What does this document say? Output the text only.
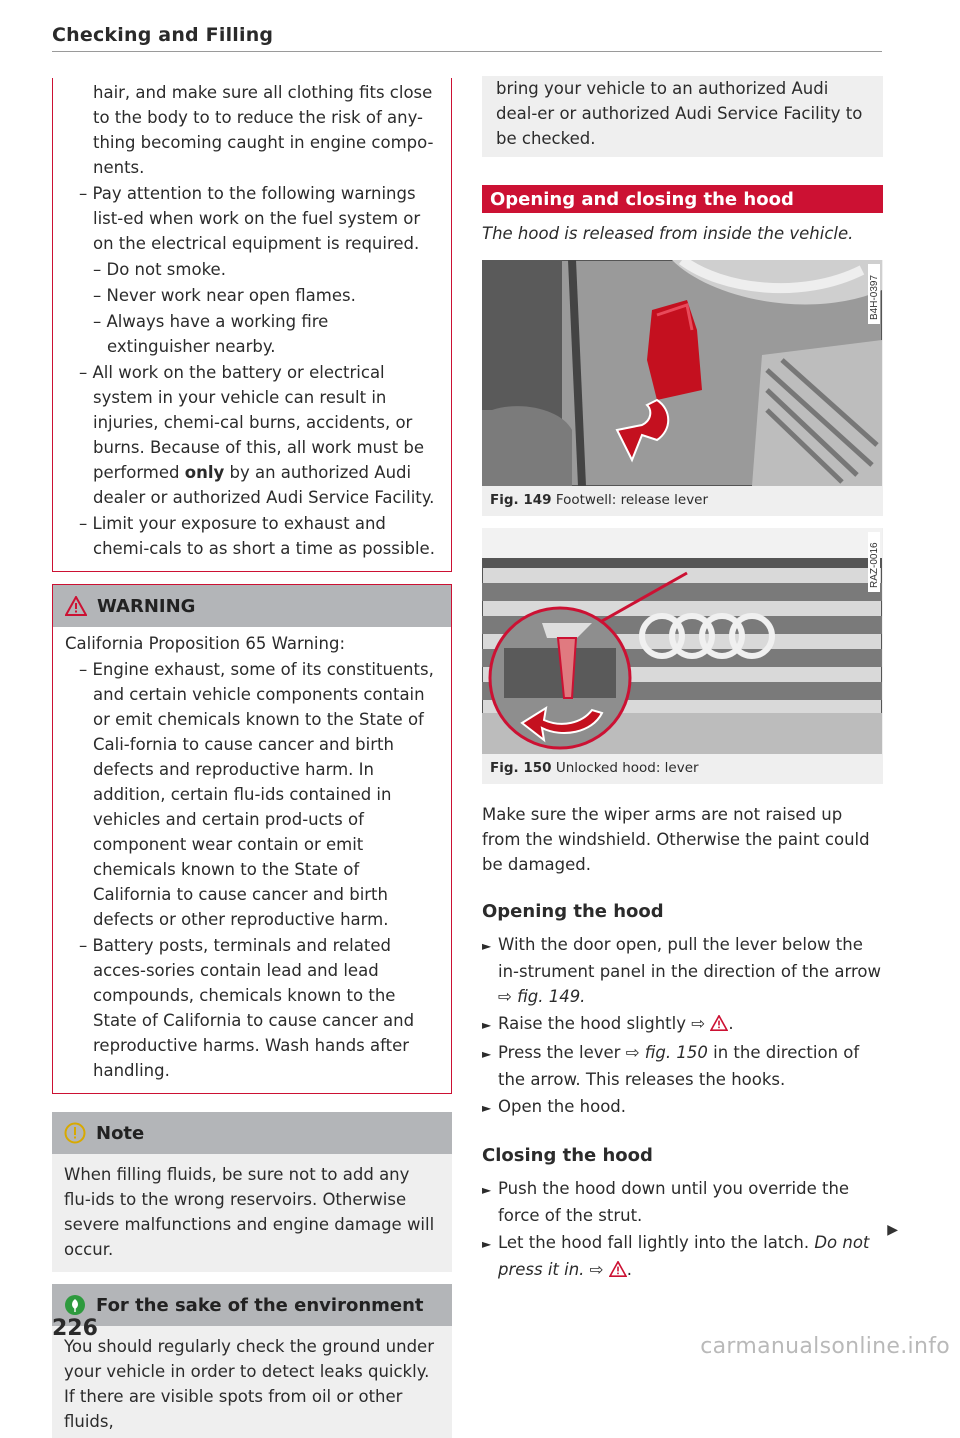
Checking and Filling
hair, and make sure all clothing fits close to the body to to reduce the risk of any-thing becoming caught in engine compo-nents.
– Pay attention to the following warnings list-ed when work on the fuel system or on the electrical equipment is required.
– Do not smoke.
– Never work near open flames.
– Always have a working fire extinguisher nearby.
– All work on the battery or electrical system in your vehicle can result in injuries, chemi-cal burns, accidents, or burns. Because of this, all work must be performed only by an authorized Audi dealer or authorized Audi Service Facility.
– Limit your exposure to exhaust and chemi-cals to as short a time as possible.
WARNING
California Proposition 65 Warning:
– Engine exhaust, some of its constituents, and certain vehicle components contain or emit chemicals known to the State of Cali-fornia to cause cancer and birth defects and reproductive harm. In addition, certain flu-ids contained in vehicles and certain prod-ucts of component wear contain or emit chemicals known to the State of California to cause cancer and birth defects or other reproductive harm.
– Battery posts, terminals and related acces-sories contain lead and lead compounds, chemicals known to the State of California to cause cancer and reproductive harms. Wash hands after handling.
Note
When filling fluids, be sure not to add any flu-ids to the wrong reservoirs. Otherwise severe malfunctions and engine damage will occur.
For the sake of the environment
You should regularly check the ground under your vehicle in order to detect leaks quickly. If there are visible spots from oil or other fluids,
226
bring your vehicle to an authorized Audi deal-er or authorized Audi Service Facility to be checked.
Opening and closing the hood
The hood is released from inside the vehicle.
B4H-0397
Fig. 149 Footwell: release lever
RAZ-0016
Fig. 150 Unlocked hood: lever
Make sure the wiper arms are not raised up from the windshield. Otherwise the paint could be damaged.
Opening the hood
► With the door open, pull the lever below the in-strument panel in the direction of the arrow ⇨ fig. 149.
► Raise the hood slightly ⇨ .
► Press the lever ⇨ fig. 150 in the direction of the arrow. This releases the hooks.
► Open the hood.
Closing the hood
► Push the hood down until you override the force of the strut.
► Let the hood fall lightly into the latch. Do not press it in. ⇨ .
▶
carmanualsonline.info
